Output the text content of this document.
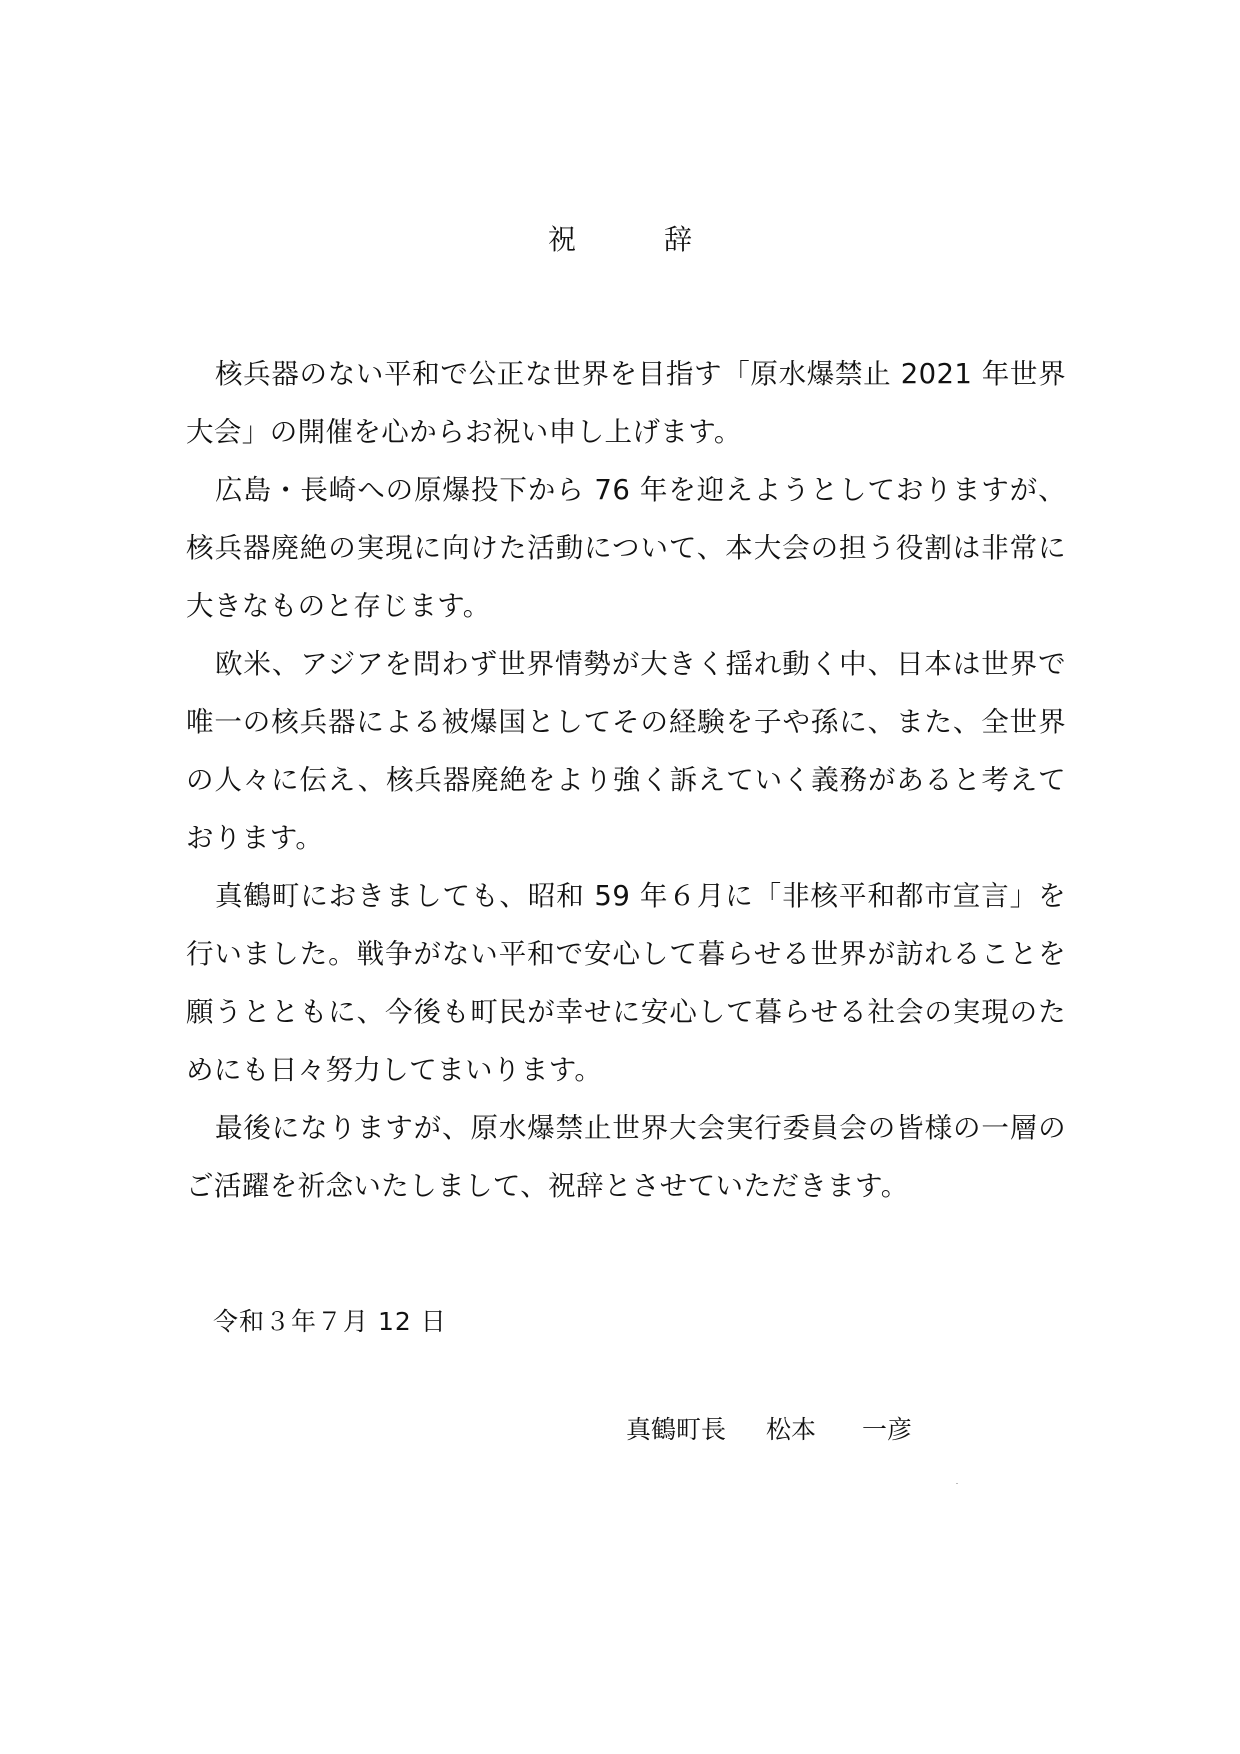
祝　辞

核兵器のない平和で公正な世界を目指す「原水爆禁止 2021 年世界大会」の開催を心からお祝い申し上げます。

広島・長崎への原爆投下から 76 年を迎えようとしておりますが、核兵器廃絶の実現に向けた活動について、本大会の担う役割は非常に大きなものと存じます。

欧米、アジアを問わず世界情勢が大きく揺れ動く中、日本は世界で唯一の核兵器による被爆国としてその経験を子や孫に、また、全世界の人々に伝え、核兵器廃絶をより強く訴えていく義務があると考えております。

真鶴町におきましても、昭和 59 年６月に「非核平和都市宣言」を行いました。戦争がない平和で安心して暮らせる世界が訪れることを願うとともに、今後も町民が幸せに安心して暮らせる社会の実現のためにも日々努力してまいります。

最後になりますが、原水爆禁止世界大会実行委員会の皆様の一層のご活躍を祈念いたしまして、祝辞とさせていただきます。

令和３年７月 12 日
真鶴町長 松本 一彦
